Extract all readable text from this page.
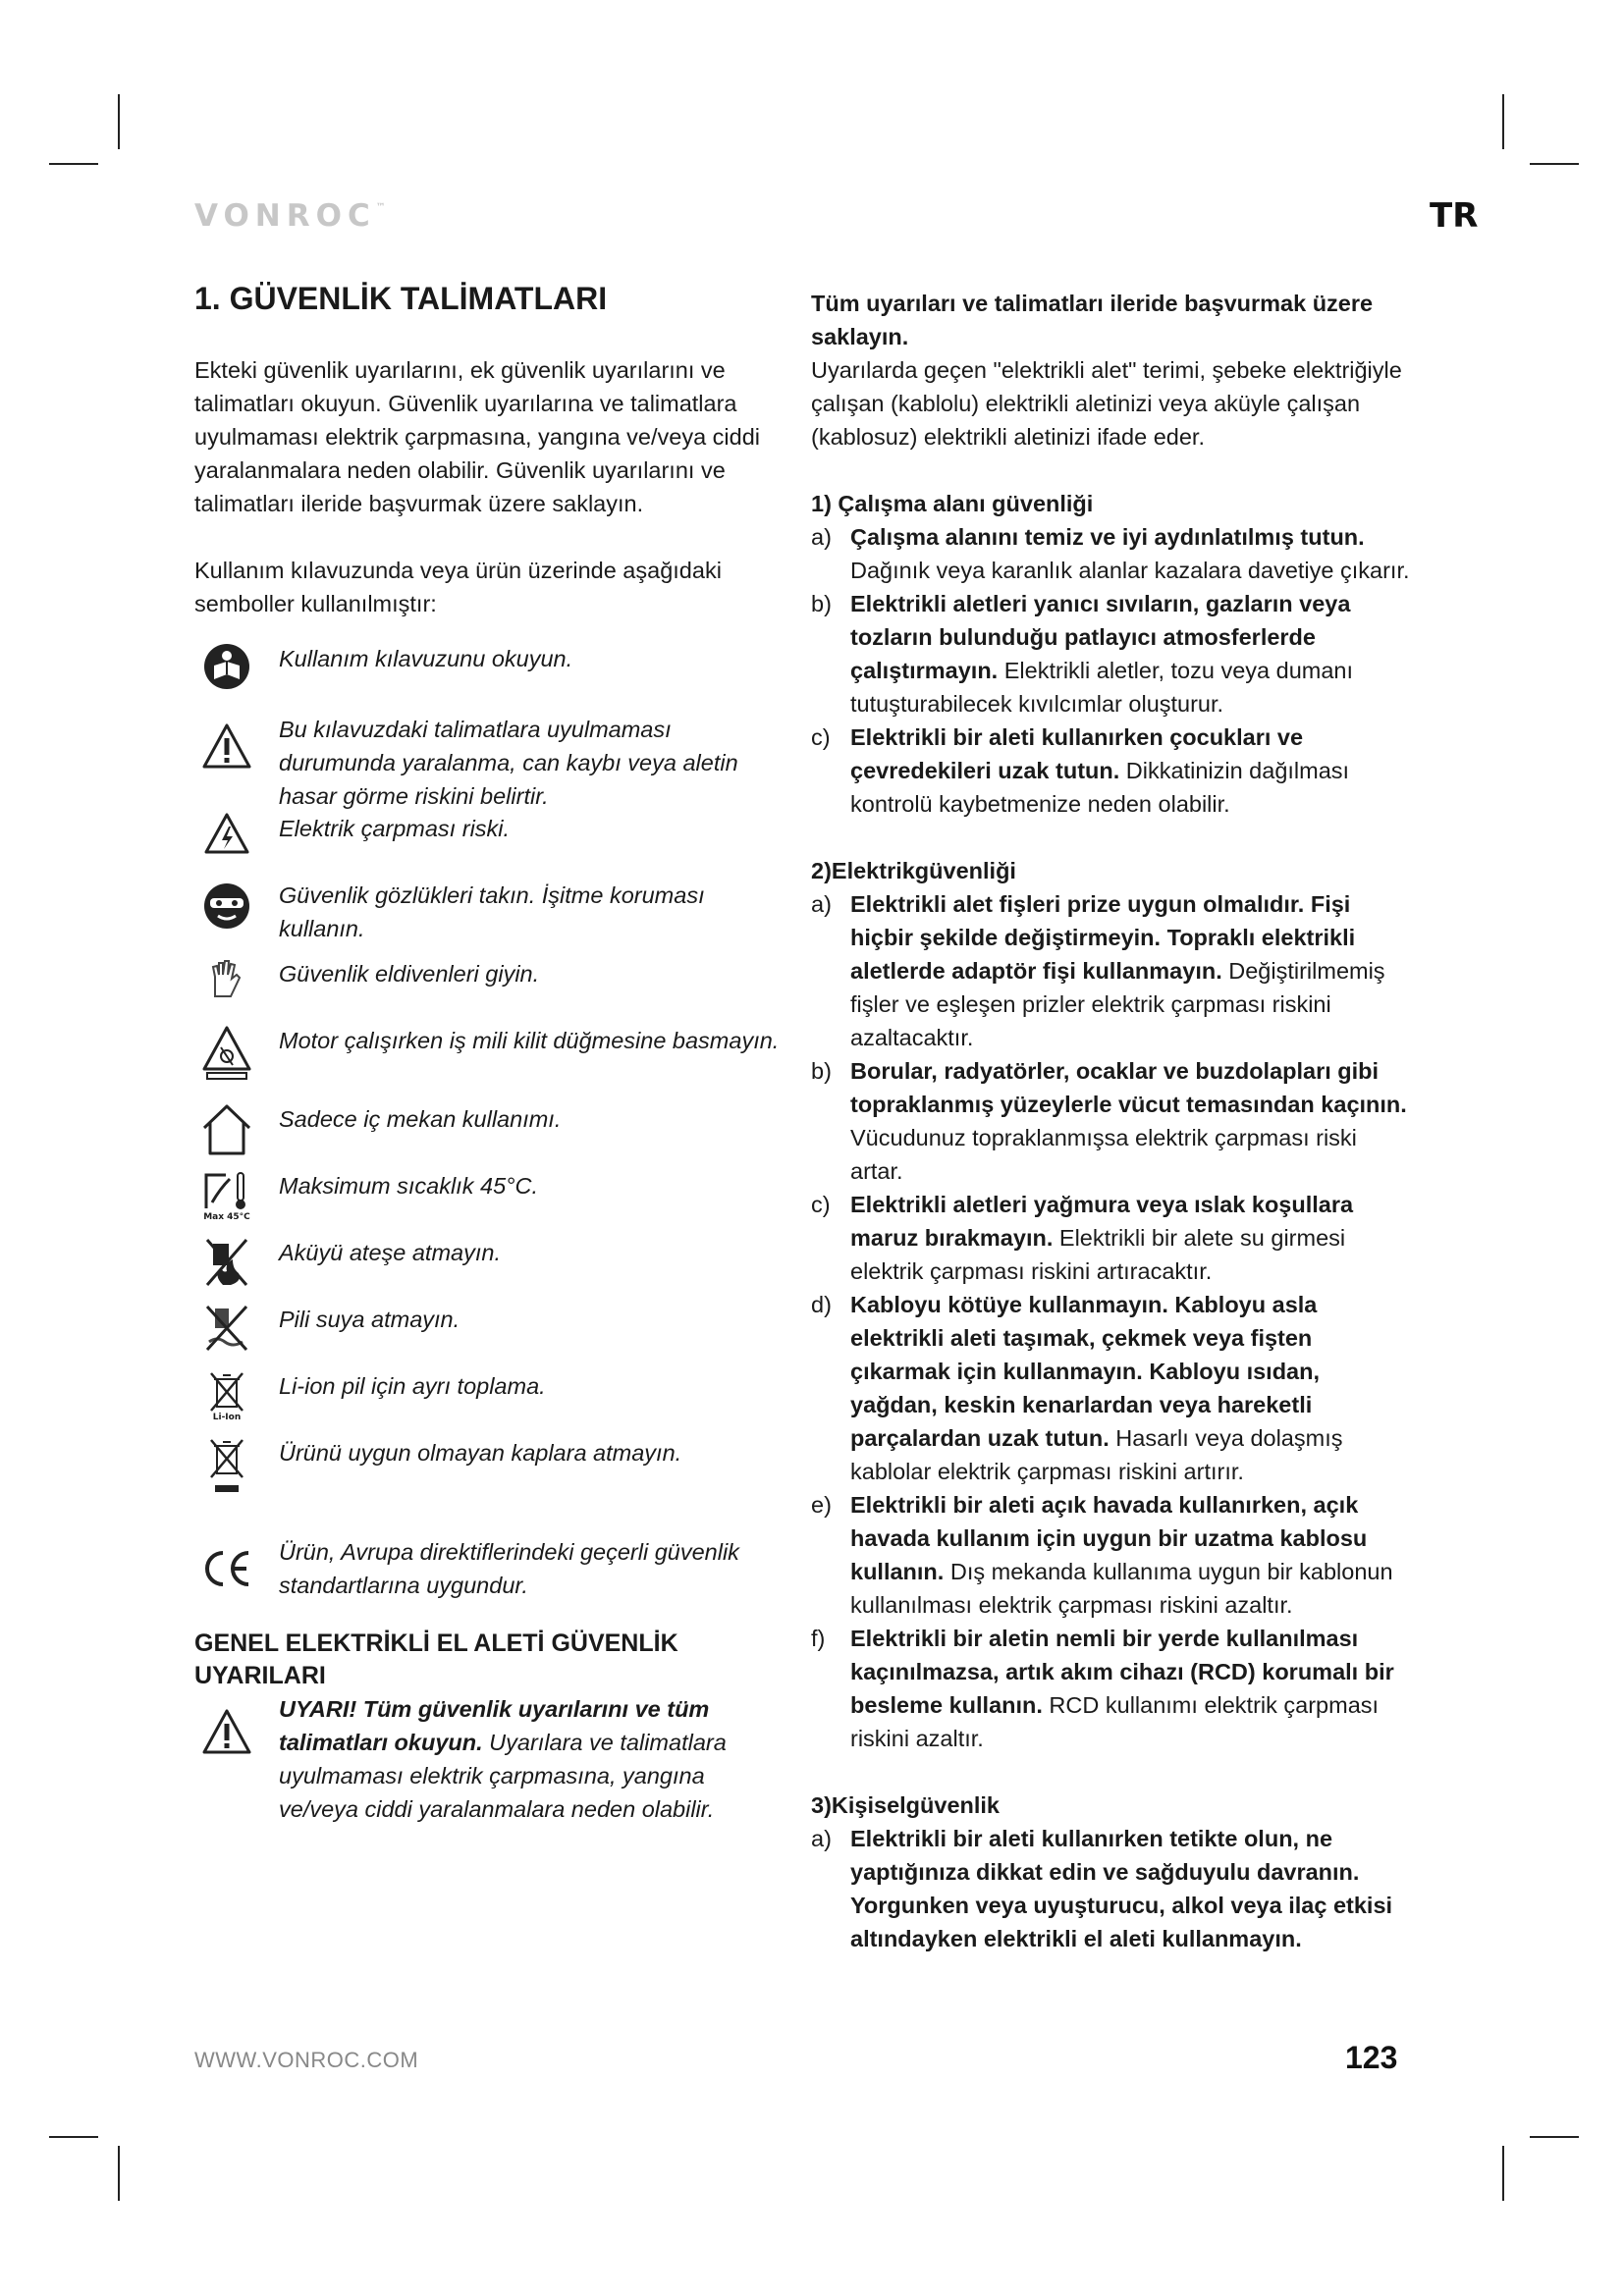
VONROC™	TR
1. GÜVENLİK TALİMATLARI

Ekteki güvenlik uyarılarını, ek güvenlik uyarılarını ve talimatları okuyun. Güvenlik uyarılarına ve talimatlara uyulmaması elektrik çarpmasına, yangına ve/veya ciddi yaralanmalara neden olabilir. Güvenlik uyarılarını ve talimatları ileride başvurmak üzere saklayın.

Kullanım kılavuzunda veya ürün üzerinde aşağıdaki semboller kullanılmıştır:

Kullanım kılavuzunu okuyun.
Bu kılavuzdaki talimatlara uyulmaması durumunda yaralanma, can kaybı veya aletin hasar görme riskini belirtir.
Elektrik çarpması riski.
Güvenlik gözlükleri takın. İşitme koruması kullanın.
Güvenlik eldivenleri giyin.
Motor çalışırken iş mili kilit düğmesine basmayın.
Sadece iç mekan kullanımı.
Max 45°C
Maksimum sıcaklık 45°C.
Aküyü ateşe atmayın.
Pili suya atmayın.
Li-Ion
Li-ion pil için ayrı toplama.
Ürünü uygun olmayan kaplara atmayın.
Ürün, Avrupa direktiflerindeki geçerli güvenlik standartlarına uygundur.
GENEL ELEKTRİKLİ EL ALETİ GÜVENLİK UYARILARI
UYARI! Tüm güvenlik uyarılarını ve tüm talimatları okuyun. Uyarılara ve talimatlara uyulmaması elektrik çarpmasına, yangına ve/veya ciddi yaralanmalara neden olabilir.

Tüm uyarıları ve talimatları ileride başvurmak üzere saklayın.

Uyarılarda geçen "elektrikli alet" terimi, şebeke elektriğiyle çalışan (kablolu) elektrikli aletinizi veya aküyle çalışan (kablosuz) elektrikli aletinizi ifade eder.

1) Çalışma alanı güvenliği

a) Çalışma alanını temiz ve iyi aydınlatılmış tutun. Dağınık veya karanlık alanlar kazalara davetiye çıkarır.
b) Elektrikli aletleri yanıcı sıvıların, gazların veya tozların bulunduğu patlayıcı atmosferlerde çalıştırmayın. Elektrikli aletler, tozu veya dumanı tutuşturabilecek kıvılcımlar oluşturur.
c) Elektrikli bir aleti kullanırken çocukları ve çevredekileri uzak tutun. Dikkatinizin dağılması kontrolü kaybetmenize neden olabilir.

2)Elektrikgüvenliği

a) Elektrikli alet fişleri prize uygun olmalıdır. Fişi hiçbir şekilde değiştirmeyin. Topraklı elektrikli aletlerde adaptör fişi kullanmayın. Değiştirilmemiş fişler ve eşleşen prizler elektrik çarpması riskini azaltacaktır.
b) Borular, radyatörler, ocaklar ve buzdolapları gibi topraklanmış yüzeylerle vücut temasından kaçının. Vücudunuz topraklanmışsa elektrik çarpması riski artar.
c) Elektrikli aletleri yağmura veya ıslak koşullara maruz bırakmayın. Elektrikli bir alete su girmesi elektrik çarpması riskini artıracaktır.
d) Kabloyu kötüye kullanmayın. Kabloyu asla elektrikli aleti taşımak, çekmek veya fişten çıkarmak için kullanmayın. Kabloyu ısıdan, yağdan, keskin kenarlardan veya hareketli parçalardan uzak tutun. Hasarlı veya dolaşmış kablolar elektrik çarpması riskini artırır.
e) Elektrikli bir aleti açık havada kullanırken, açık havada kullanım için uygun bir uzatma kablosu kullanın. Dış mekanda kullanıma uygun bir kablonun kullanılması elektrik çarpması riskini azaltır.
f)	Elektrikli bir aletin nemli bir yerde kullanılması kaçınılmazsa, artık akım cihazı (RCD) korumalı bir besleme kullanın. RCD kullanımı elektrik çarpması riskini azaltır.

3)Kişiselgüvenlik

a) Elektrikli bir aleti kullanırken tetikte olun, ne yaptığınıza dikkat edin ve sağduyulu davranın. Yorgunken veya uyuşturucu, alkol veya ilaç etkisi altındayken elektrikli el aleti kullanmayın.
WWW.VONROC.COM	123
